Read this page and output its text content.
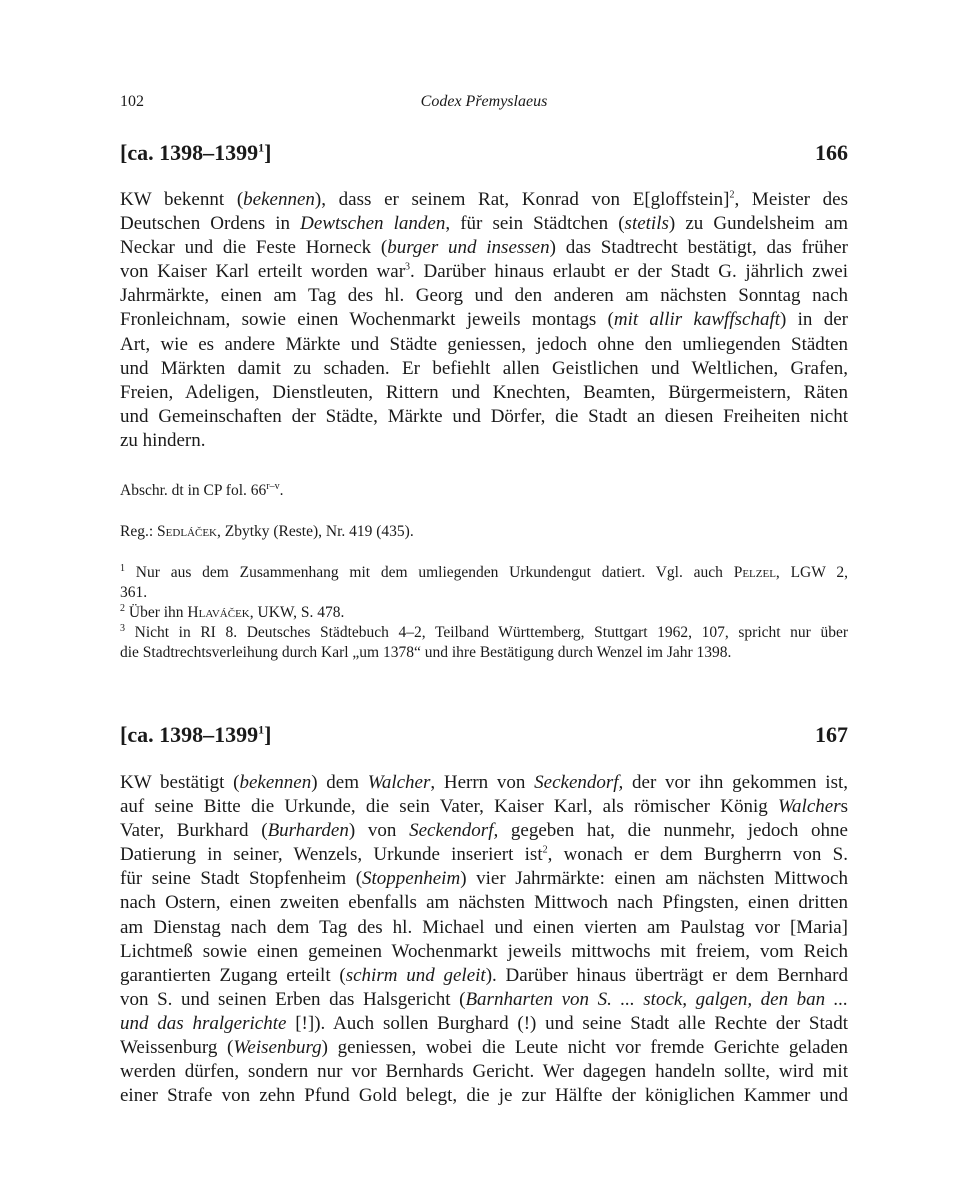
102	Codex Přemyslaeus
[ca. 1398–1399$^1$]	166
KW bekennt (bekennen), dass er seinem Rat, Konrad von E[gloffstein]$^2$, Meister des
Deutschen Ordens in Dewtschen landen, für sein Städtchen (stetils) zu Gundelsheim am
Neckar und die Feste Horneck (burger und insessen) das Stadtrecht bestätigt, das früher
von Kaiser Karl erteilt worden war$^3$. Darüber hinaus erlaubt er der Stadt G. jährlich zwei
Jahrmärkte, einen am Tag des hl. Georg und den anderen am nächsten Sonntag nach
Fronleichnam, sowie einen Wochenmarkt jeweils montags (mit allir kawffschaft) in der
Art, wie es andere Märkte und Städte geniessen, jedoch ohne den umliegenden Städten
und Märkten damit zu schaden. Er befiehlt allen Geistlichen und Weltlichen, Grafen,
Freien, Adeligen, Dienstleuten, Rittern und Knechten, Beamten, Bürgermeistern, Räten
und Gemeinschaften der Städte, Märkte und Dörfer, die Stadt an diesen Freiheiten nicht
zu hindern.

Abschr. dt in CP fol. 66$^{r-v}$.

Reg.: Sedláček, Zbytky (Reste), Nr. 419 (435).

$^1$ Nur aus dem Zusammenhang mit dem umliegenden Urkundengut datiert. Vgl. auch Pelzel, LGW 2,
361.
$^2$ Über ihn Hlaváček, UKW, S. 478.
$^3$ Nicht in RI 8. Deutsches Städtebuch 4–2, Teilband Württemberg, Stuttgart 1962, 107, spricht nur über
die Stadtrechtsverleihung durch Karl „um 1378“ und ihre Bestätigung durch Wenzel im Jahr 1398.
[ca. 1398–1399$^1$]	167
KW bestätigt (bekennen) dem Walcher, Herrn von Seckendorf, der vor ihn gekommen ist,
auf seine Bitte die Urkunde, die sein Vater, Kaiser Karl, als römischer König Walchers
Vater, Burkhard (Burharden) von Seckendorf, gegeben hat, die nunmehr, jedoch ohne
Datierung in seiner, Wenzels, Urkunde inseriert ist$^2$, wonach er dem Burgherrn von S.
für seine Stadt Stopfenheim (Stoppenheim) vier Jahrmärkte: einen am nächsten Mittwoch
nach Ostern, einen zweiten ebenfalls am nächsten Mittwoch nach Pfingsten, einen dritten
am Dienstag nach dem Tag des hl. Michael und einen vierten am Paulstag vor [Maria]
Lichtmeß sowie einen gemeinen Wochenmarkt jeweils mittwochs mit freiem, vom Reich
garantierten Zugang erteilt (schirm und geleit). Darüber hinaus überträgt er dem Bernhard
von S. und seinen Erben das Halsgericht (Barnharten von S. ... stock, galgen, den ban ...
und das hralgerichte [!]). Auch sollen Burghard (!) und seine Stadt alle Rechte der Stadt
Weissenburg (Weisenburg) geniessen, wobei die Leute nicht vor fremde Gerichte geladen
werden dürfen, sondern nur vor Bernhards Gericht. Wer dagegen handeln sollte, wird mit
einer Strafe von zehn Pfund Gold belegt, die je zur Hälfte der königlichen Kammer und
